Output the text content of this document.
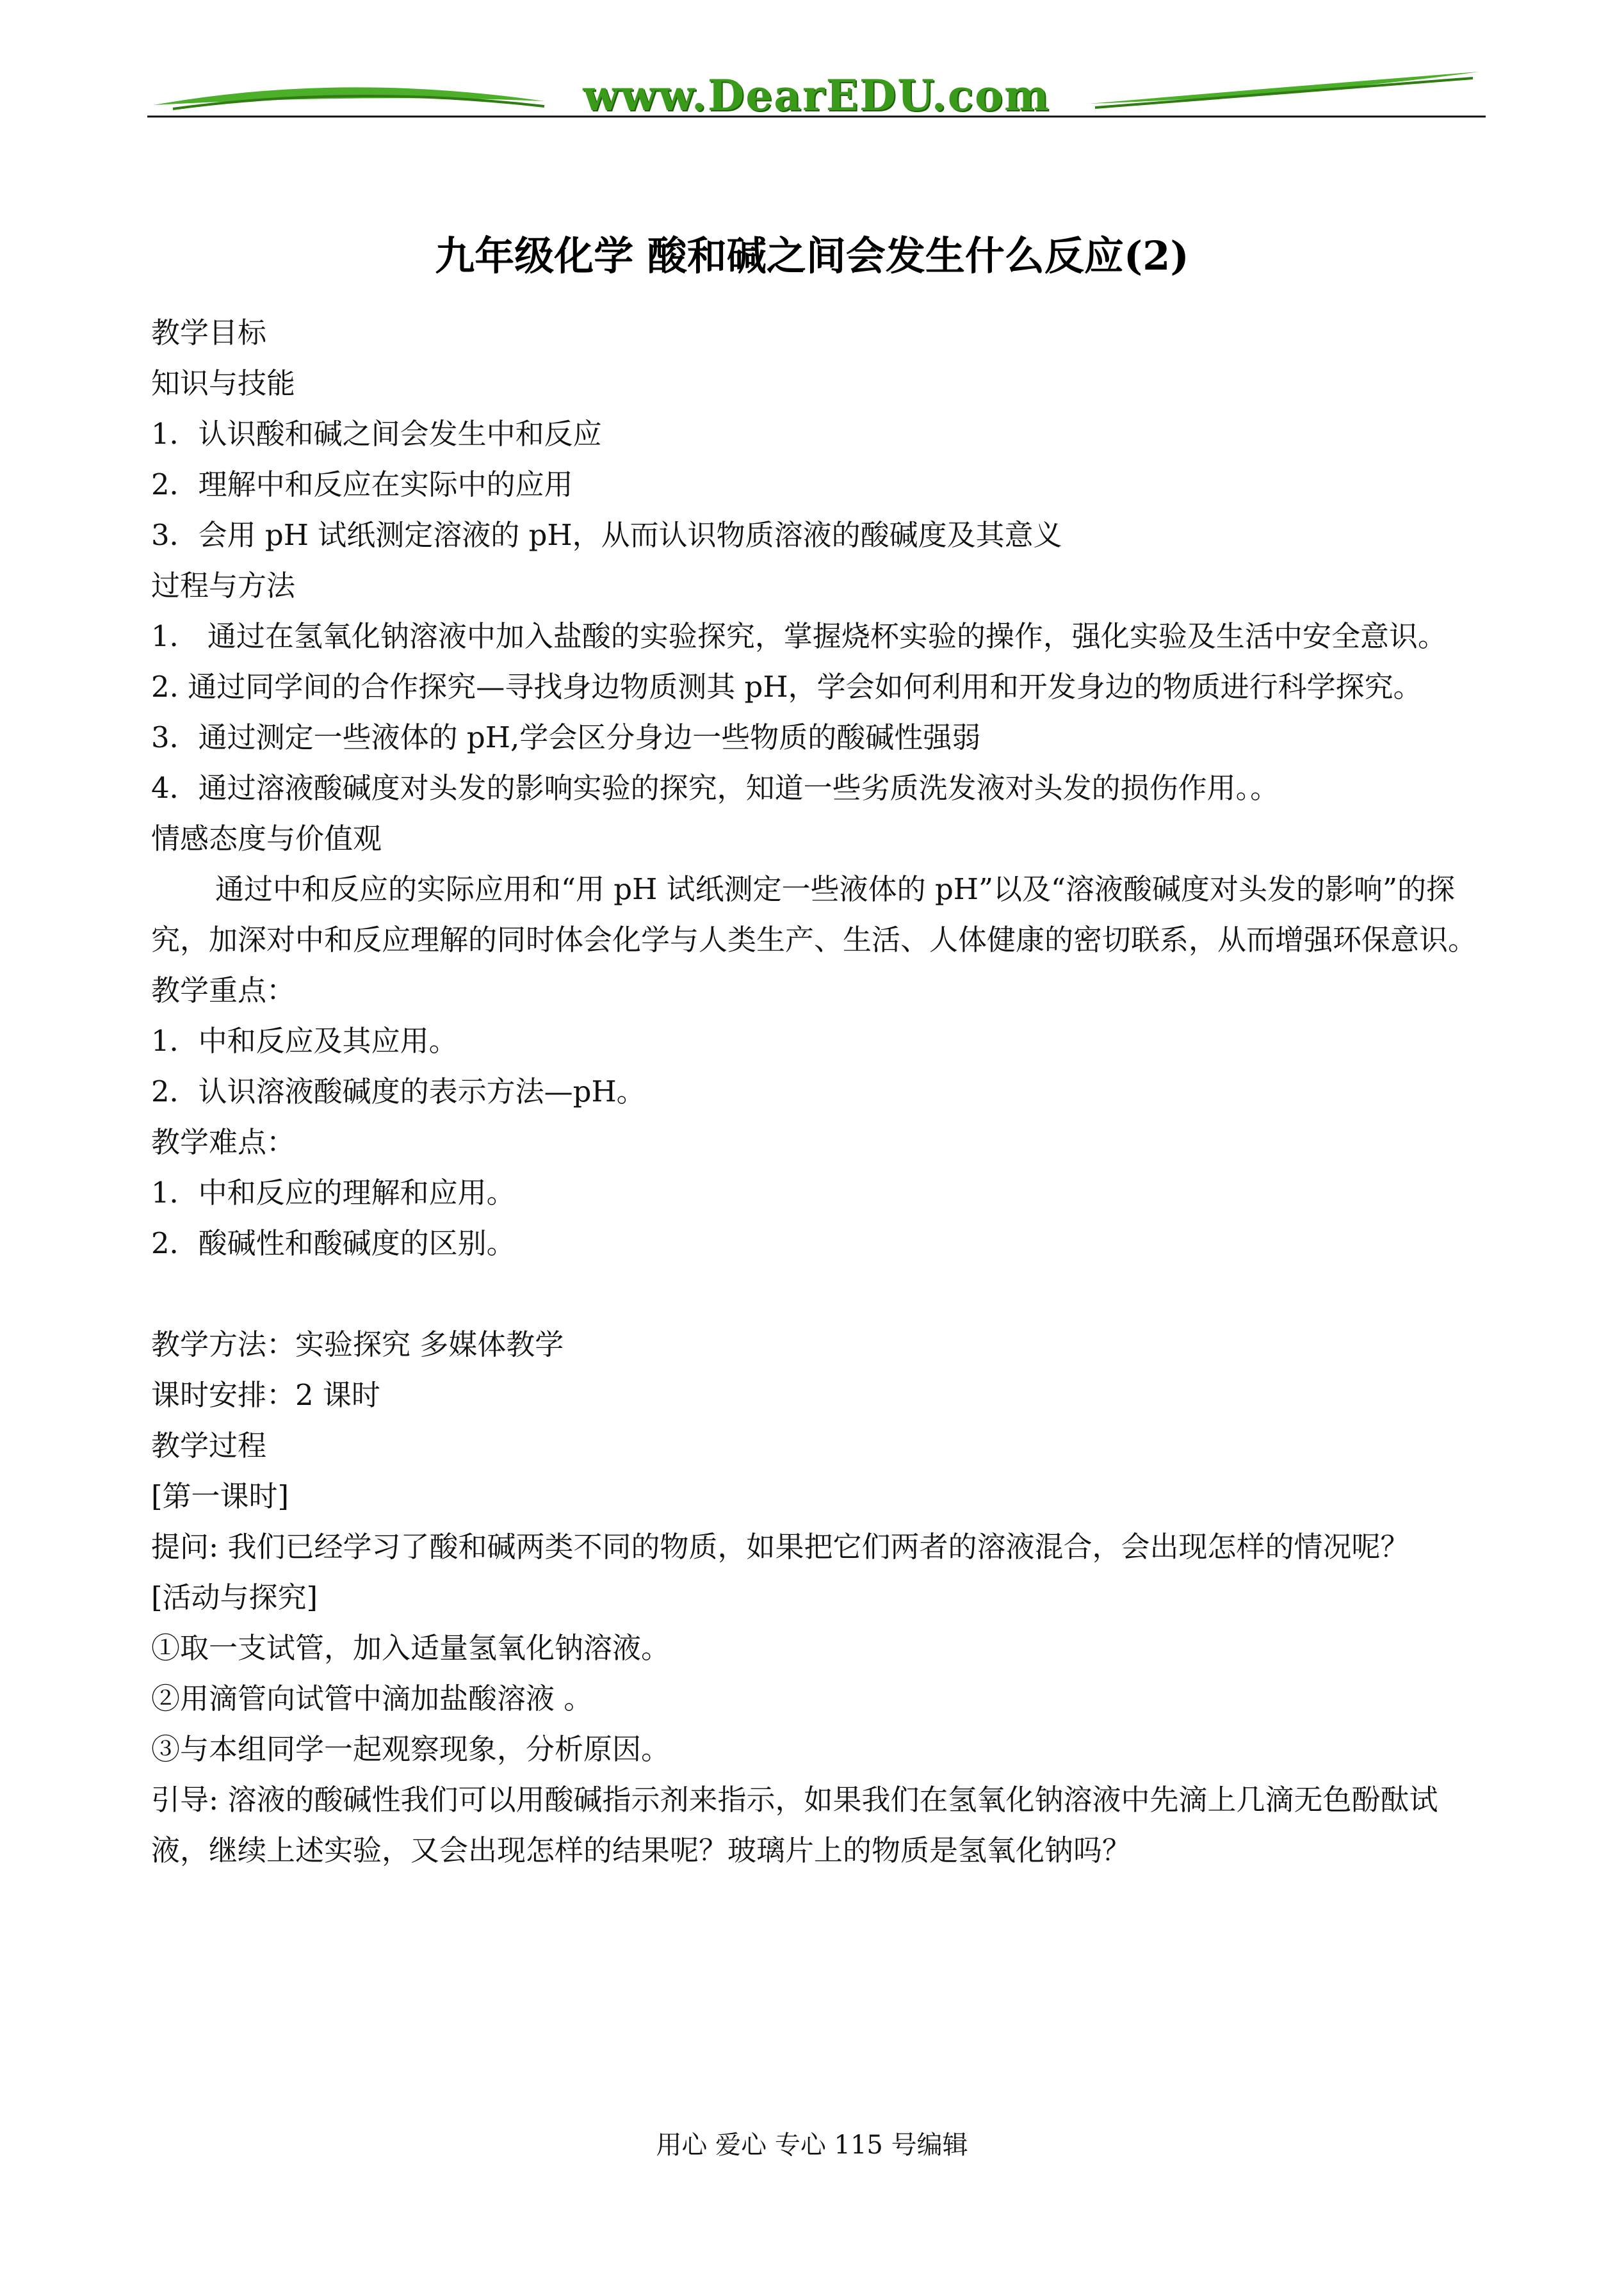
www.DearEDU.com
九年级化学 酸和碱之间会发生什么反应(2)
教学目标
知识与技能
1．认识酸和碱之间会发生中和反应
2．理解中和反应在实际中的应用
3．会用 pH 试纸测定溶液的 pH，从而认识物质溶液的酸碱度及其意义
过程与方法
1． 通过在氢氧化钠溶液中加入盐酸的实验探究，掌握烧杯实验的操作，强化实验及生活中安全意识。
2. 通过同学间的合作探究—寻找身边物质测其 pH，学会如何利用和开发身边的物质进行科学探究。
3．通过测定一些液体的 pH,学会区分身边一些物质的酸碱性强弱
4．通过溶液酸碱度对头发的影响实验的探究，知道一些劣质洗发液对头发的损伤作用。。
情感态度与价值观
通过中和反应的实际应用和“用 pH 试纸测定一些液体的 pH”以及“溶液酸碱度对头发的影响”的探究，加深对中和反应理解的同时体会化学与人类生产、生活、人体健康的密切联系，从而增强环保意识。
教学重点：
1．中和反应及其应用。
2．认识溶液酸碱度的表示方法—pH。
教学难点：
1．中和反应的理解和应用。
2．酸碱性和酸碱度的区别。
教学方法：实验探究 多媒体教学
课时安排：2 课时
教学过程
[第一课时]
提问: 我们已经学习了酸和碱两类不同的物质，如果把它们两者的溶液混合，会出现怎样的情况呢？
[活动与探究]
①取一支试管，加入适量氢氧化钠溶液。
②用滴管向试管中滴加盐酸溶液 。
③与本组同学一起观察现象，分析原因。
引导: 溶液的酸碱性我们可以用酸碱指示剂来指示，如果我们在氢氧化钠溶液中先滴上几滴无色酚酞试液，继续上述实验，又会出现怎样的结果呢？玻璃片上的物质是氢氧化钠吗？
用心 爱心 专心 115 号编辑
